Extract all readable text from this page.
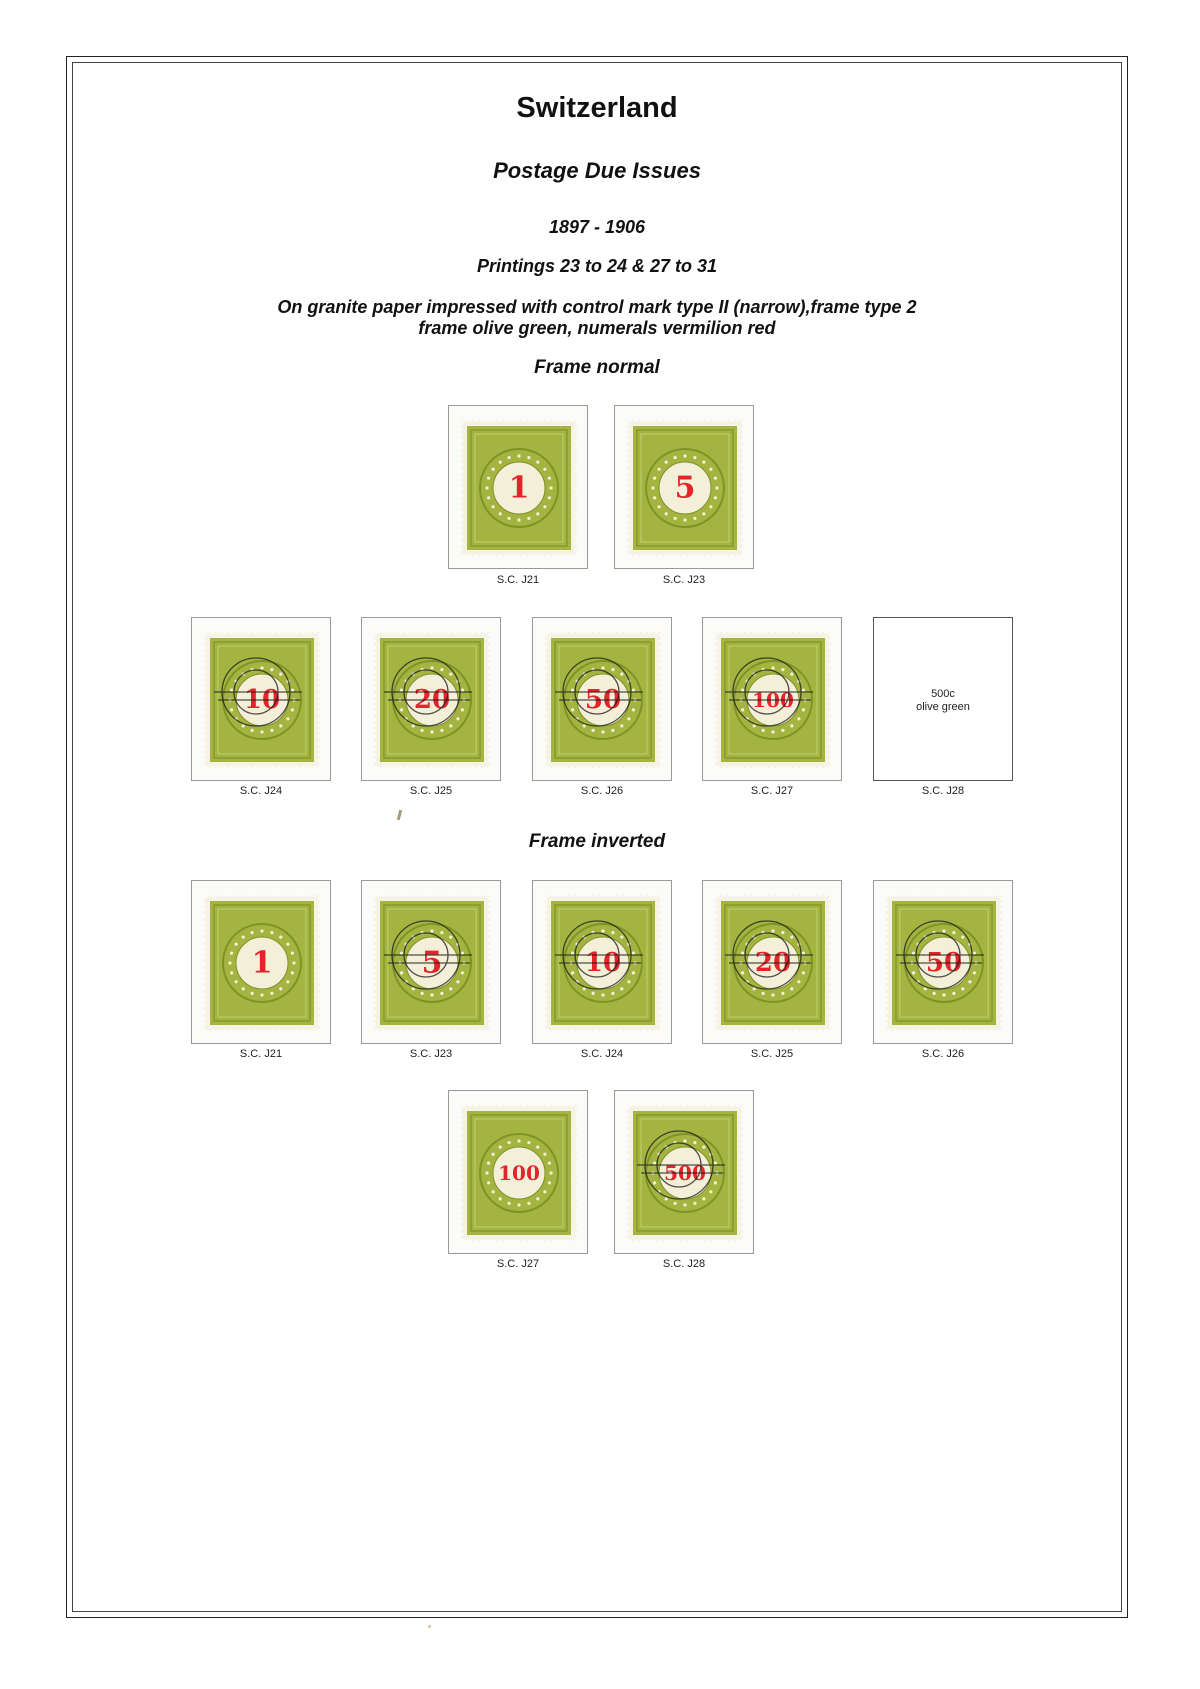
Switzerland
Postage Due Issues
1897 - 1906
Printings 23 to 24 & 27 to 31
On granite paper impressed with control mark type II (narrow),frame type 2
frame olive green, numerals vermilion red
Frame normal
Frame inverted
1
S.C. J21
5
S.C. J23
10
S.C. J24
20
S.C. J25
50
S.C. J26
100
S.C. J27
500c
olive green
S.C. J28
1
S.C. J21
5
S.C. J23
10
S.C. J24
20
S.C. J25
50
S.C. J26
100
S.C. J27
500
S.C. J28
